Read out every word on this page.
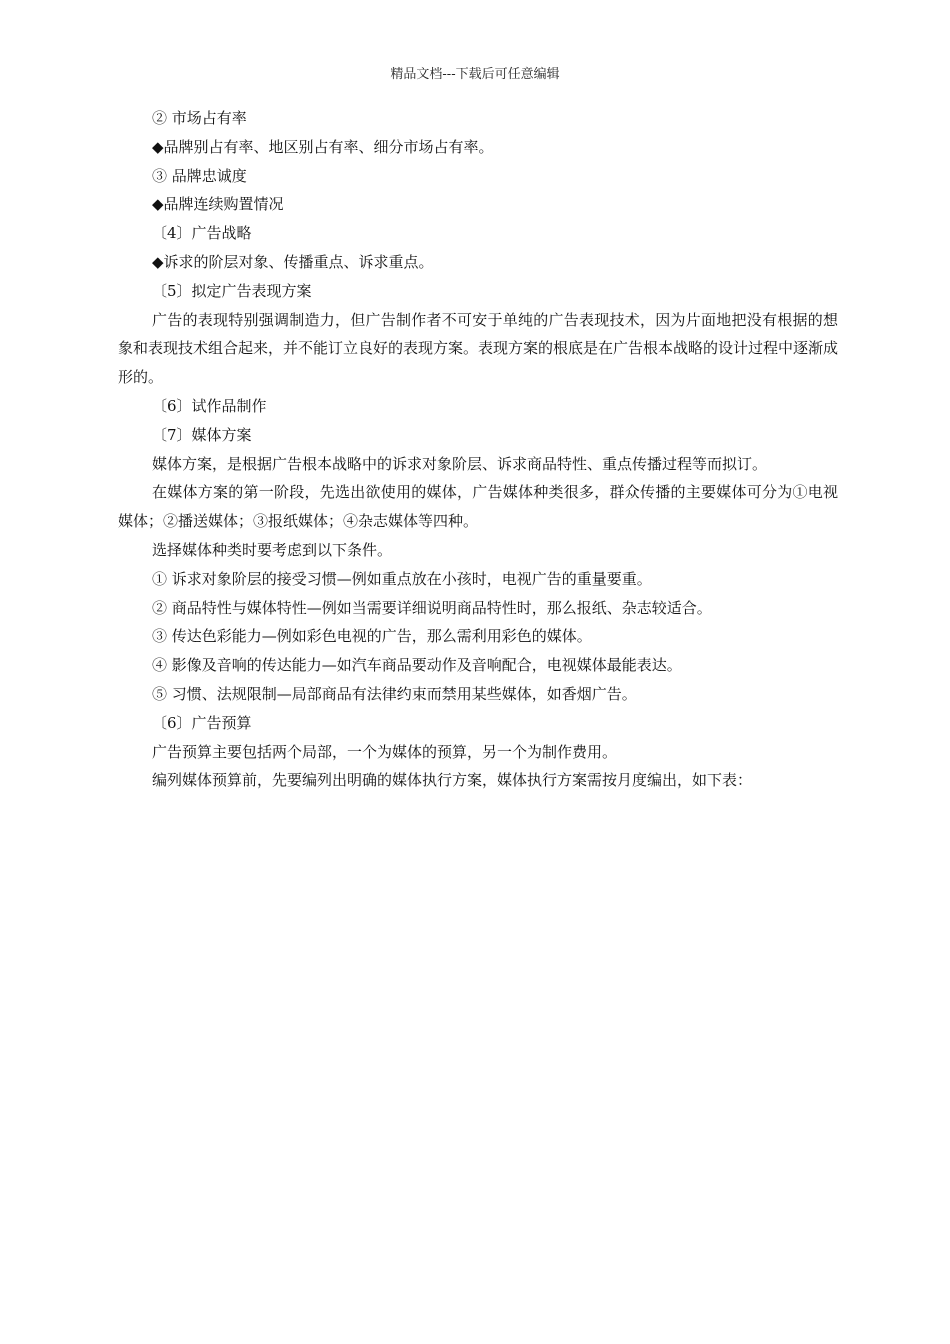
精品文档---下载后可任意编辑

② 市场占有率

◆品牌别占有率、地区别占有率、细分市场占有率。

③ 品牌忠诚度

◆品牌连续购置情况

〔4〕广告战略

◆诉求的阶层对象、传播重点、诉求重点。

〔5〕拟定广告表现方案

广告的表现特别强调制造力，但广告制作者不可安于单纯的广告表现技术，因为片面地把没有根据的想象和表现技术组合起来，并不能订立良好的表现方案。表现方案的根底是在广告根本战略的设计过程中逐渐成形的。

〔6〕试作品制作

〔7〕媒体方案

媒体方案，是根据广告根本战略中的诉求对象阶层、诉求商品特性、重点传播过程等而拟订。

在媒体方案的第一阶段，先选出欲使用的媒体，广告媒体种类很多，群众传播的主要媒体可分为①电视媒体；②播送媒体；③报纸媒体；④杂志媒体等四种。

选择媒体种类时要考虑到以下条件。

① 诉求对象阶层的接受习惯—例如重点放在小孩时，电视广告的重量要重。

② 商品特性与媒体特性—例如当需要详细说明商品特性时，那么报纸、杂志较适合。

③ 传达色彩能力—例如彩色电视的广告，那么需利用彩色的媒体。

④ 影像及音响的传达能力—如汽车商品要动作及音响配合，电视媒体最能表达。

⑤ 习惯、法规限制—局部商品有法律约束而禁用某些媒体，如香烟广告。

〔6〕广告预算

广告预算主要包括两个局部，一个为媒体的预算，另一个为制作费用。

编列媒体预算前，先要编列出明确的媒体执行方案，媒体执行方案需按月度编出，如下表：
